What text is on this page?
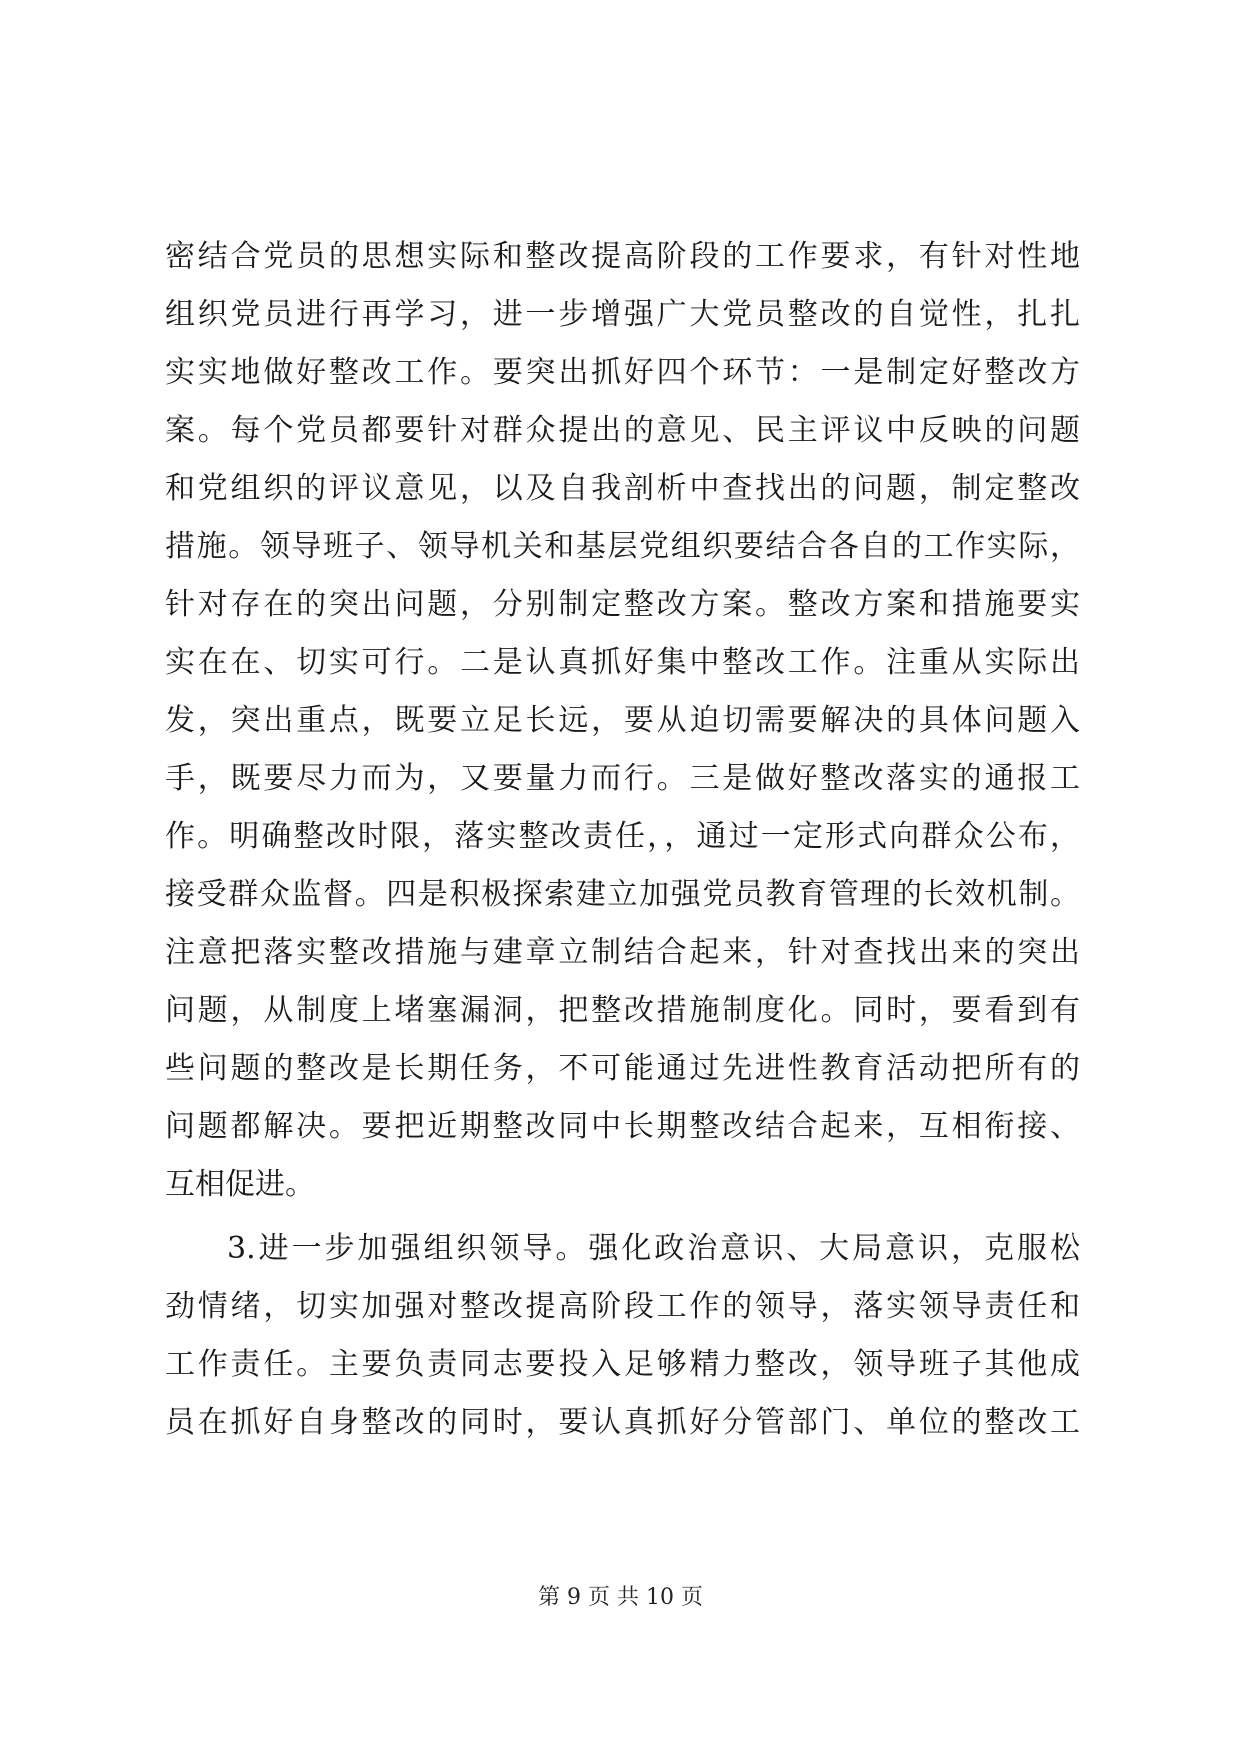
密结合党员的思想实际和整改提高阶段的工作要求，有针对性地
组织党员进行再学习，进一步增强广大党员整改的自觉性，扎扎
实实地做好整改工作。要突出抓好四个环节：一是制定好整改方
案。每个党员都要针对群众提出的意见、民主评议中反映的问题
和党组织的评议意见，以及自我剖析中查找出的问题，制定整改
措施。领导班子、领导机关和基层党组织要结合各自的工作实际，
针对存在的突出问题，分别制定整改方案。整改方案和措施要实
实在在、切实可行。二是认真抓好集中整改工作。注重从实际出
发，突出重点，既要立足长远，要从迫切需要解决的具体问题入
手，既要尽力而为，又要量力而行。三是做好整改落实的通报工
作。明确整改时限，落实整改责任，，通过一定形式向群众公布，
接受群众监督。四是积极探索建立加强党员教育管理的长效机制。
注意把落实整改措施与建章立制结合起来，针对查找出来的突出
问题，从制度上堵塞漏洞，把整改措施制度化。同时，要看到有
些问题的整改是长期任务，不可能通过先进性教育活动把所有的
问题都解决。要把近期整改同中长期整改结合起来，互相衔接、
互相促进。
3.进一步加强组织领导。强化政治意识、大局意识，克服松
劲情绪，切实加强对整改提高阶段工作的领导，落实领导责任和
工作责任。主要负责同志要投入足够精力整改，领导班子其他成
员在抓好自身整改的同时，要认真抓好分管部门、单位的整改工
第 9 页 共 10 页
